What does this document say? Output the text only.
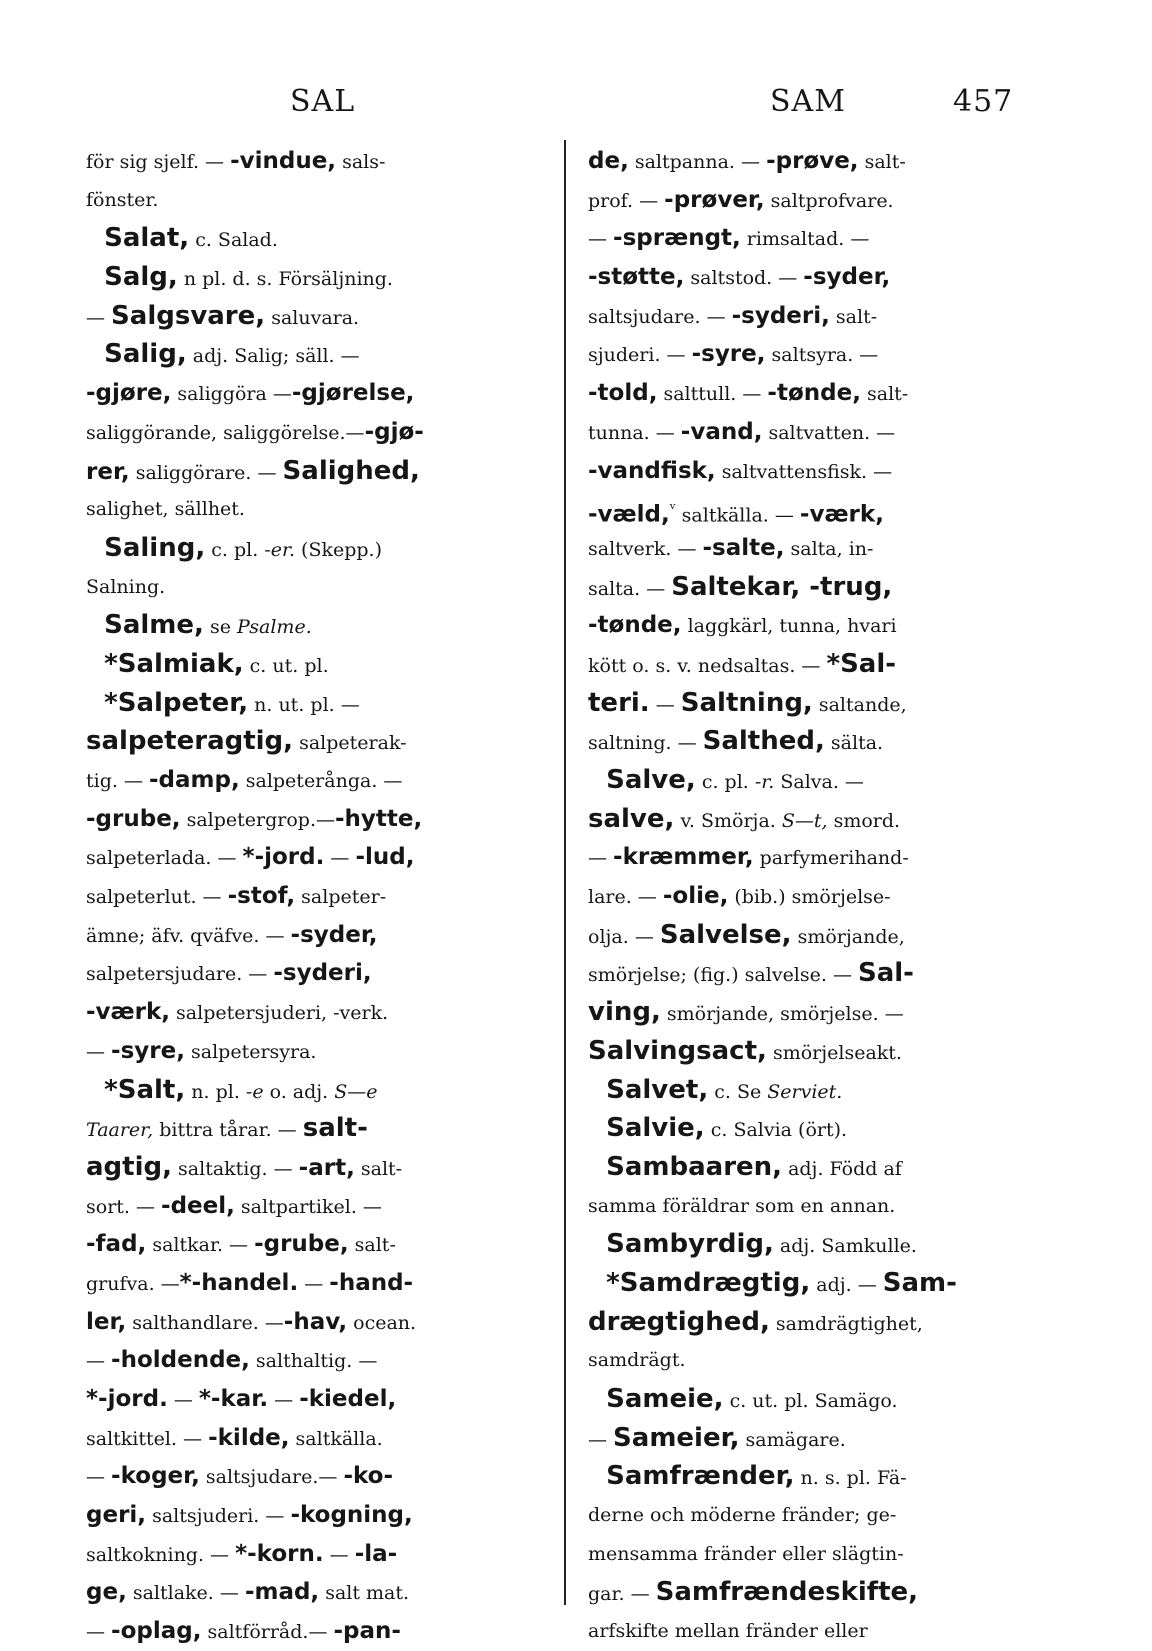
SAL	SAM	457
för sig sjelf. — -vindue, sals-
fönster.
Salat, c. Salad.
Salg, n pl. d. s. Försäljning.
— Salgsvare, saluvara.
Salig, adj. Salig; säll. —
-gjøre, saliggöra —-gjørelse,
saliggörande, saliggörelse.—-gjø-
rer, saliggörare. — Salighed,
salighet, sällhet.
Saling, c. pl. -er. (Skepp.)
Salning.
Salme, se Psalme.
*Salmiak, c. ut. pl.
*Salpeter, n. ut. pl. —
salpeteragtig, salpeterak-
tig. — -damp, salpeterånga. —
-grube, salpetergrop.—-hytte,
salpeterlada. — *-jord. — -lud,
salpeterlut. — -stof, salpeter-
ämne; äfv. qväfve. — -syder,
salpetersjudare. — -syderi,
-værk, salpetersjuderi, -verk.
— -syre, salpetersyra.
*Salt, n. pl. -e o. adj. S—e
Taarer, bittra tårar. — salt-
agtig, saltaktig. — -art, salt-
sort. — -deel, saltpartikel. —
-fad, saltkar. — -grube, salt-
grufva. —*-handel. — -hand-
ler, salthandlare. —-hav, ocean.
— -holdende, salthaltig. —
*-jord. — *-kar. — -kiedel,
saltkittel. — -kilde, saltkälla.
— -koger, saltsjudare.— -ko-
geri, saltsjuderi. — -kogning,
saltkokning. — *-korn. — -la-
ge, saltlake. — -mad, salt mat.
— -oplag, saltförråd.— -pan-
de, saltpanna. — -prøve, salt-
prof. — -prøver, saltprofvare.
— -sprængt, rimsaltad. —
-støtte, saltstod. — -syder,
saltsjudare. — -syderi, salt-
sjuderi. — -syre, saltsyra. —
-told, salttull. — -tønde, salt-
tunna. — -vand, saltvatten. —
-vandfisk, saltvattensfisk. —
-væld,$^ᵛ$ saltkälla. — -værk,
saltverk. — -salte, salta, in-
salta. — Saltekar, -trug,
-tønde, laggkärl, tunna, hvari
kött o. s. v. nedsaltas. — *Sal-
teri. — Saltning, saltande,
saltning. — Salthed, sälta.
Salve, c. pl. -r. Salva. —
salve, v. Smörja. S—t, smord.
— -kræmmer, parfymerihand-
lare. — -olie, (bib.) smörjelse-
olja. — Salvelse, smörjande,
smörjelse; (fig.) salvelse. — Sal-
ving, smörjande, smörjelse. —
Salvingsact, smörjelseakt.
Salvet, c. Se Serviet.
Salvie, c. Salvia (ört).
Sambaaren, adj. Född af
samma föräldrar som en annan.
Sambyrdig, adj. Samkulle.
*Samdrægtig, adj. — Sam-
drægtighed, samdrägtighet,
samdrägt.
Sameie, c. ut. pl. Samägo.
— Sameier, samägare.
Samfrænder, n. s. pl. Fä-
derne och möderne fränder; ge-
mensamma fränder eller slägtin-
gar. — Samfrændeskifte,
arfskifte mellan fränder eller
